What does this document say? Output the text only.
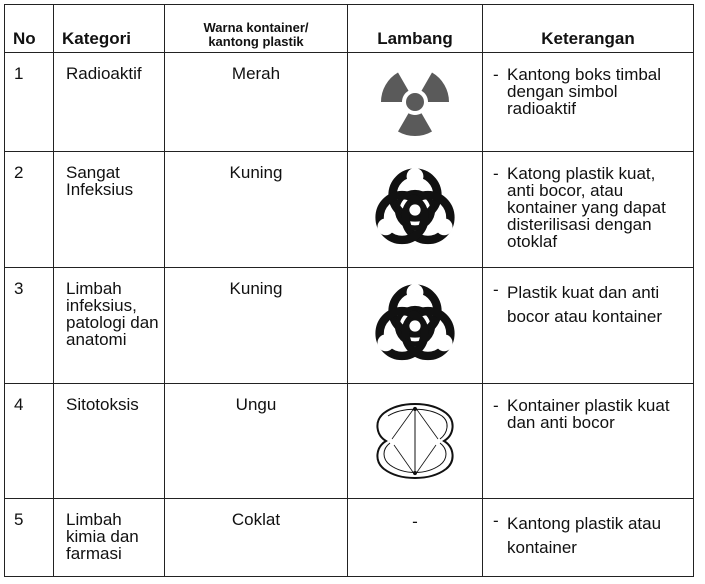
No	Kategori	Warna kontainer/
kantong plastik	Lambang	Keterangan
1	Radioaktif	Merah		- Kantong boks timbal dengan simbol radioaktif

2	Sangat Infeksius	Kuning		- Katong plastik kuat, anti bocor, atau kontainer yang dapat disterilisasi dengan otoklaf

3	Limbah infeksius, patologi dan anatomi	Kuning		- Plastik kuat dan anti bocor atau kontainer

4	Sitotoksis	Ungu		- Kontainer plastik kuat dan anti bocor

5	Limbah kimia dan farmasi	Coklat	-	- Kantong plastik atau kontainer
